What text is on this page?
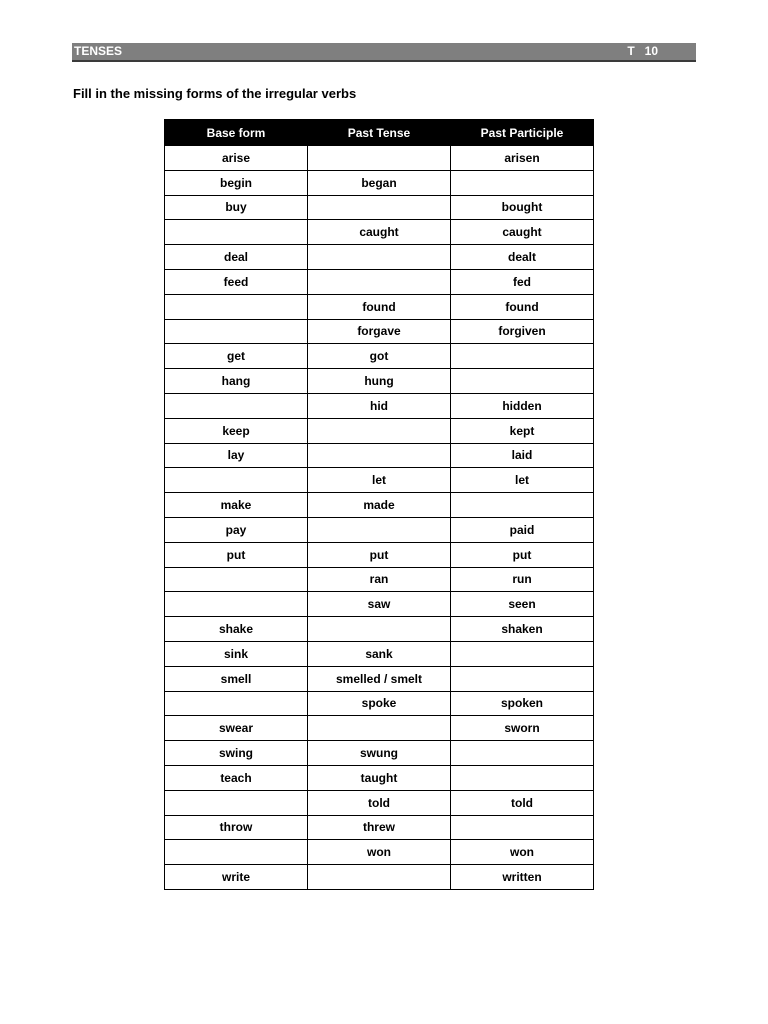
TENSES	T   10
Fill in the missing forms of the irregular verbs
Base form	Past Tense	Past Participle
arise		arisen
begin	began	
buy		bought
	caught	caught
deal		dealt
feed		fed
	found	found
	forgave	forgiven
get	got	
hang	hung	
	hid	hidden
keep		kept
lay		laid
	let	let
make	made	
pay		paid
put	put	put
	ran	run
	saw	seen
shake		shaken
sink	sank	
smell	smelled / smelt	
	spoke	spoken
swear		sworn
swing	swung	
teach	taught	
	told	told
throw	threw	
	won	won
write		written
